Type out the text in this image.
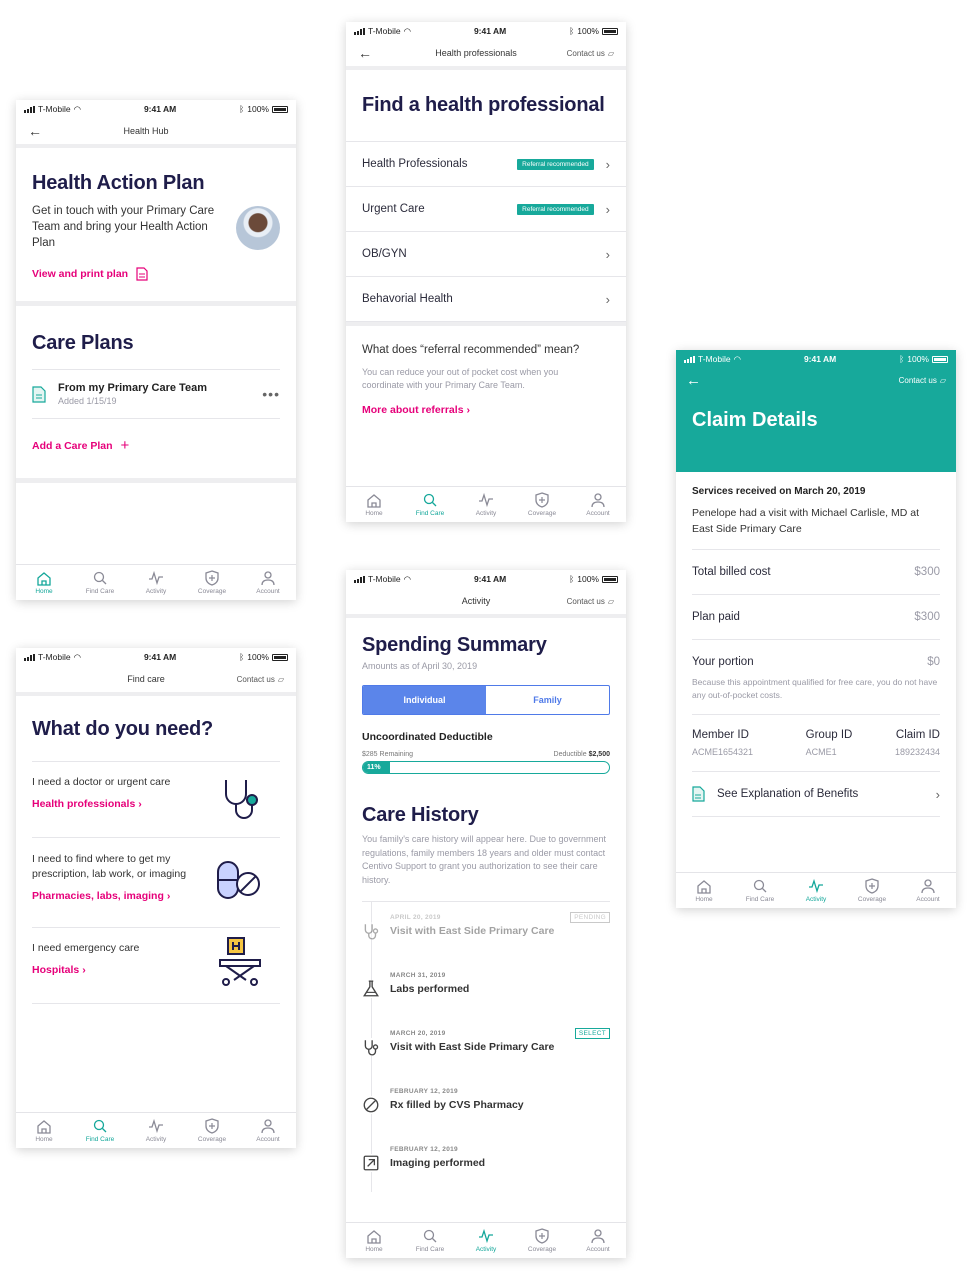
T-Mobile ◠	9:41 AM	ᛒ 100%
←	Health Hub
Health Action Plan

Get in touch with your Primary Care Team and bring your Health Action Plan

View and print plan
Care Plans
From my Primary Care Team
Added 1/15/19	•••
Add a Care Plan +
Home	Find Care	Activity	Coverage	Account
T-Mobile ◠	9:41 AM	ᛒ 100%
Find care	Contact us ▱
What do you need?
I need a doctor or urgent care
Health professionals ›
I need to find where to get my prescription, lab work, or imaging
Pharmacies, labs, imaging ›
I need emergency care
Hospitals ›
Home	Find Care	Activity	Coverage	Account
T-Mobile ◠	9:41 AM	ᛒ 100%
←	Health professionals	Contact us ▱
Find a health professional
Health Professionals	Referral recommended	›
Urgent Care	Referral recommended	›
OB/GYN	›
Behavorial Health	›
What does “referral recommended” mean?

You can reduce your out of pocket cost when you coordinate with your Primary Care Team.

More about referrals ›
Home	Find Care	Activity	Coverage	Account
T-Mobile ◠	9:41 AM	ᛒ 100%
Activity	Contact us ▱
Spending Summary
Amounts as of April 30, 2019
Individual	Family
Uncoordinated Deductible
$285 Remaining	Deductible $2,500
11%
Care History

You family's care history will appear here. Due to government regulations, family members 18 years and older must contact Centivo Support to grant you authorization to see their care history.

APRIL 20, 2019
Visit with East Side Primary Care
PENDING
MARCH 31, 2019
Labs performed
MARCH 20, 2019
Visit with East Side Primary Care
SELECT
FEBRUARY 12, 2019
Rx filled by CVS Pharmacy
FEBRUARY 12, 2019
Imaging performed
Home	Find Care	Activity	Coverage	Account
T-Mobile ◠	9:41 AM	ᛒ 100%
←	Contact us ▱
Claim Details
Services received on March 20, 2019

Penelope had a visit with Michael Carlisle, MD at East Side Primary Care

Total billed cost	$300
Plan paid	$300
Your portion	$0

Because this appointment qualified for free care, you do not have any out-of-pocket costs.

Member ID
ACME1654321
Group ID
ACME1
Claim ID
189232434
See Explanation of Benefits	›
Home	Find Care	Activity	Coverage	Account
